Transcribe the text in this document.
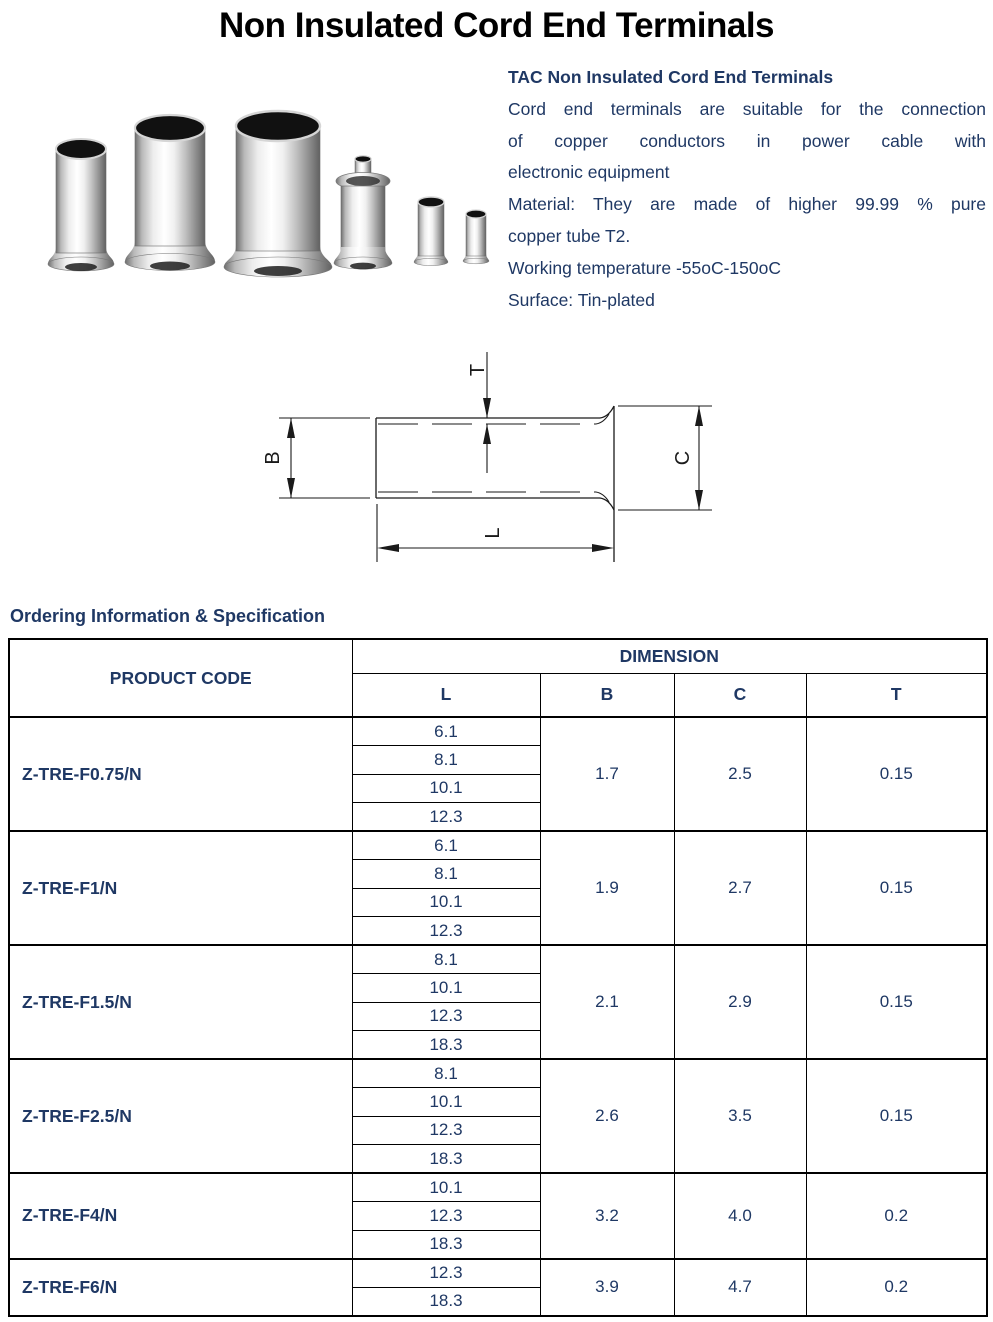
Non Insulated Cord End Terminals
TAC Non Insulated Cord End Terminals
Cord end terminals are suitable for the connection
of copper conductors in power cable with
electronic equipment
Material: They are made of higher 99.99 % pure
copper tube T2.
Working temperature -55oC-150oC
Surface: Tin-plated
B	C
T
L
Ordering Information & Specification
PRODUCT CODE	DIMENSION			
	L	B	C	T
Z-TRE-F0.75/N	6.1	1.7	2.5	0.15
	8.1			
	10.1			
	12.3			
Z-TRE-F1/N	6.1	1.9	2.7	0.15
	8.1			
	10.1			
	12.3			
Z-TRE-F1.5/N	8.1	2.1	2.9	0.15
	10.1			
	12.3			
	18.3			
Z-TRE-F2.5/N	8.1	2.6	3.5	0.15
	10.1			
	12.3			
	18.3			
Z-TRE-F4/N	10.1	3.2	4.0	0.2
	12.3			
	18.3			
Z-TRE-F6/N	12.3	3.9	4.7	0.2
	18.3			
